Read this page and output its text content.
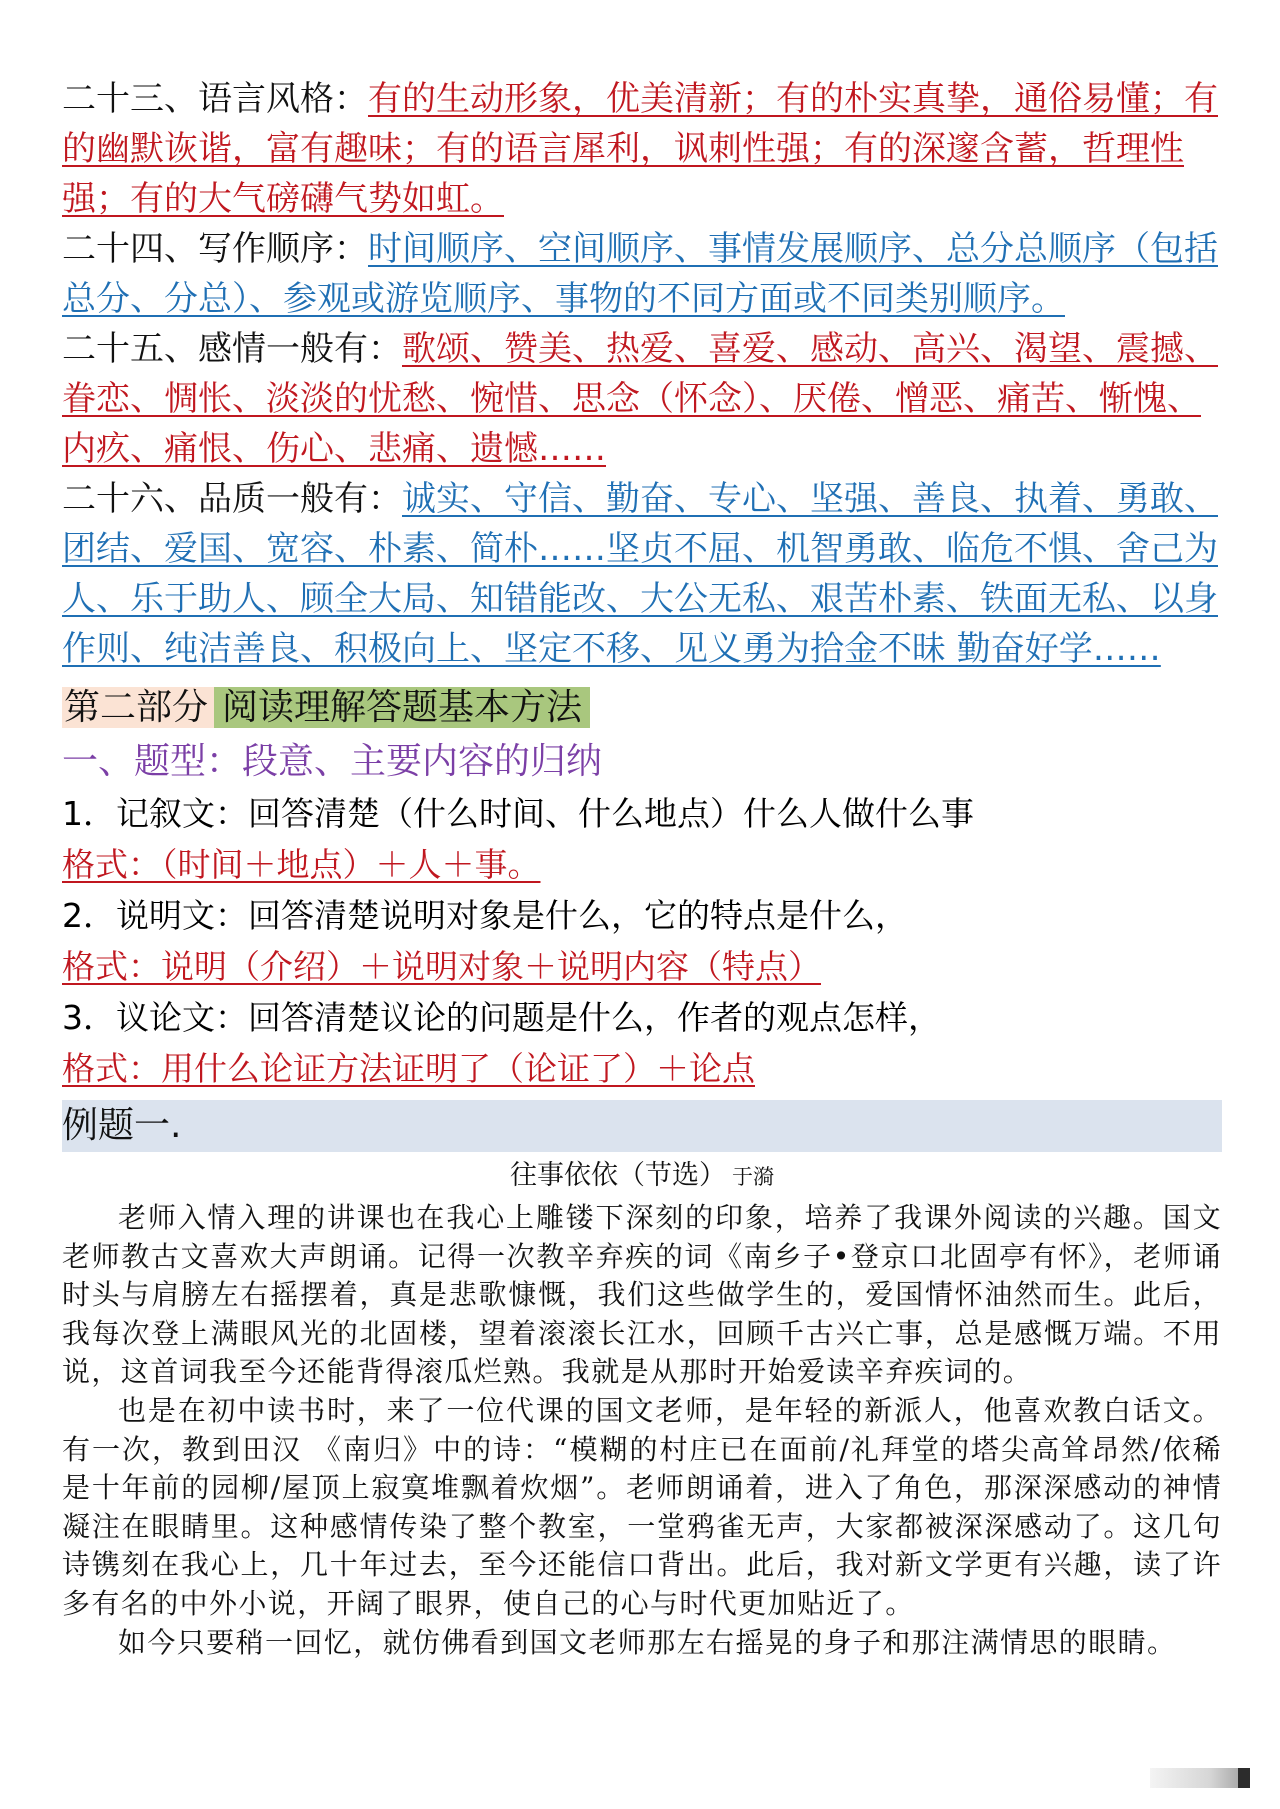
二十三、语言风格：有的生动形象，优美清新；有的朴实真挚，通俗易懂；有的幽默诙谐，富有趣味；有的语言犀利，讽刺性强；有的深邃含蓄，哲理性强；有的大气磅礴气势如虹。

二十四、写作顺序：时间顺序、空间顺序、事情发展顺序、总分总顺序（包括总分、分总）、参观或游览顺序、事物的不同方面或不同类别顺序。

二十五、感情一般有：歌颂、赞美、热爱、喜爱、感动、高兴、渴望、震撼、眷恋、惆怅、淡淡的忧愁、惋惜、思念（怀念）、厌倦、憎恶、痛苦、惭愧、内疚、痛恨、伤心、悲痛、遗憾……

二十六、品质一般有：诚实、守信、勤奋、专心、坚强、善良、执着、勇敢、团结、爱国、宽容、朴素、简朴……坚贞不屈、机智勇敢、临危不惧、舍己为人、乐于助人、顾全大局、知错能改、大公无私、艰苦朴素、铁面无私、以身作则、纯洁善良、积极向上、坚定不移、见义勇为拾金不昧 勤奋好学……

第二部分 阅读理解答题基本方法

一、题型：段意、主要内容的归纳

1．记叙文：回答清楚（什么时间、什么地点）什么人做什么事

格式：（时间＋地点）＋人＋事。

2．说明文：回答清楚说明对象是什么，它的特点是什么，

格式：说明（介绍）＋说明对象＋说明内容（特点）

3．议论文：回答清楚议论的问题是什么，作者的观点怎样，

格式：用什么论证方法证明了（论证了）＋论点

例题一.

往事依依（节选） 于漪

老师入情入理的讲课也在我心上雕镂下深刻的印象，培养了我课外阅读的兴趣。国文老师教古文喜欢大声朗诵。记得一次教辛弃疾的词《南乡子•登京口北固亭有怀》，老师诵时头与肩膀左右摇摆着，真是悲歌慷慨，我们这些做学生的，爱国情怀油然而生。此后，我每次登上满眼风光的北固楼，望着滚滚长江水，回顾千古兴亡事，总是感慨万端。不用说，这首词我至今还能背得滚瓜烂熟。我就是从那时开始爱读辛弃疾词的。

也是在初中读书时，来了一位代课的国文老师，是年轻的新派人，他喜欢教白话文。有一次，教到田汉 《南归》中的诗：“模糊的村庄已在面前/礼拜堂的塔尖高耸昂然/依稀是十年前的园柳/屋顶上寂寞堆飘着炊烟”。老师朗诵着，进入了角色，那深深感动的神情凝注在眼睛里。这种感情传染了整个教室，一堂鸦雀无声，大家都被深深感动了。这几句诗镌刻在我心上，几十年过去，至今还能信口背出。此后，我对新文学更有兴趣，读了许多有名的中外小说，开阔了眼界，使自己的心与时代更加贴近了。

如今只要稍一回忆，就仿佛看到国文老师那左右摇晃的身子和那注满情思的眼睛。
